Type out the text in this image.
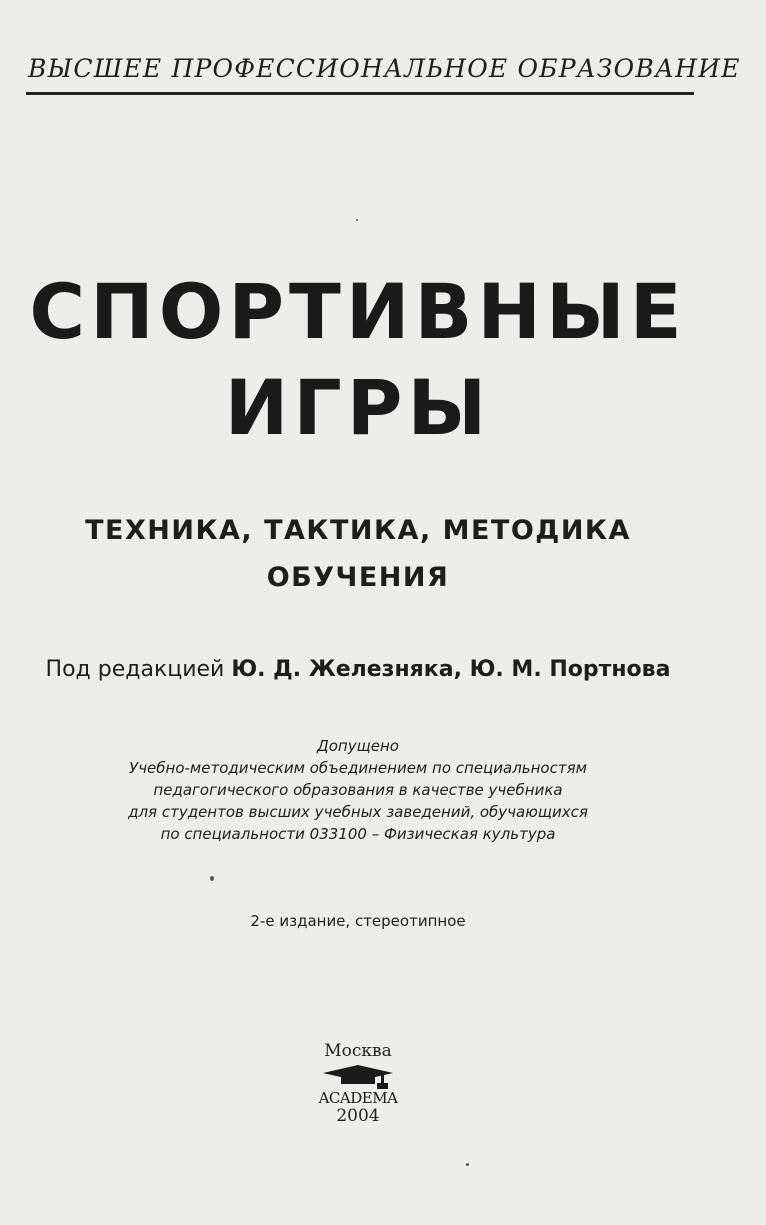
ВЫСШЕЕ ПРОФЕССИОНАЛЬНОЕ ОБРАЗОВАНИЕ
СПОРТИВНЫЕ
ИГРЫ
ТЕХНИКА, ТАКТИКА, МЕТОДИКА
ОБУЧЕНИЯ
Под редакцией Ю. Д. Железняка, Ю. М. Портнова
Допущено
Учебно-методическим объединением по специальностям
педагогического образования в качестве учебника
для студентов высших учебных заведений, обучающихся
по специальности 033100 – Физическая культура
2-е издание, стереотипное
Москва
ACADEMA
2004
